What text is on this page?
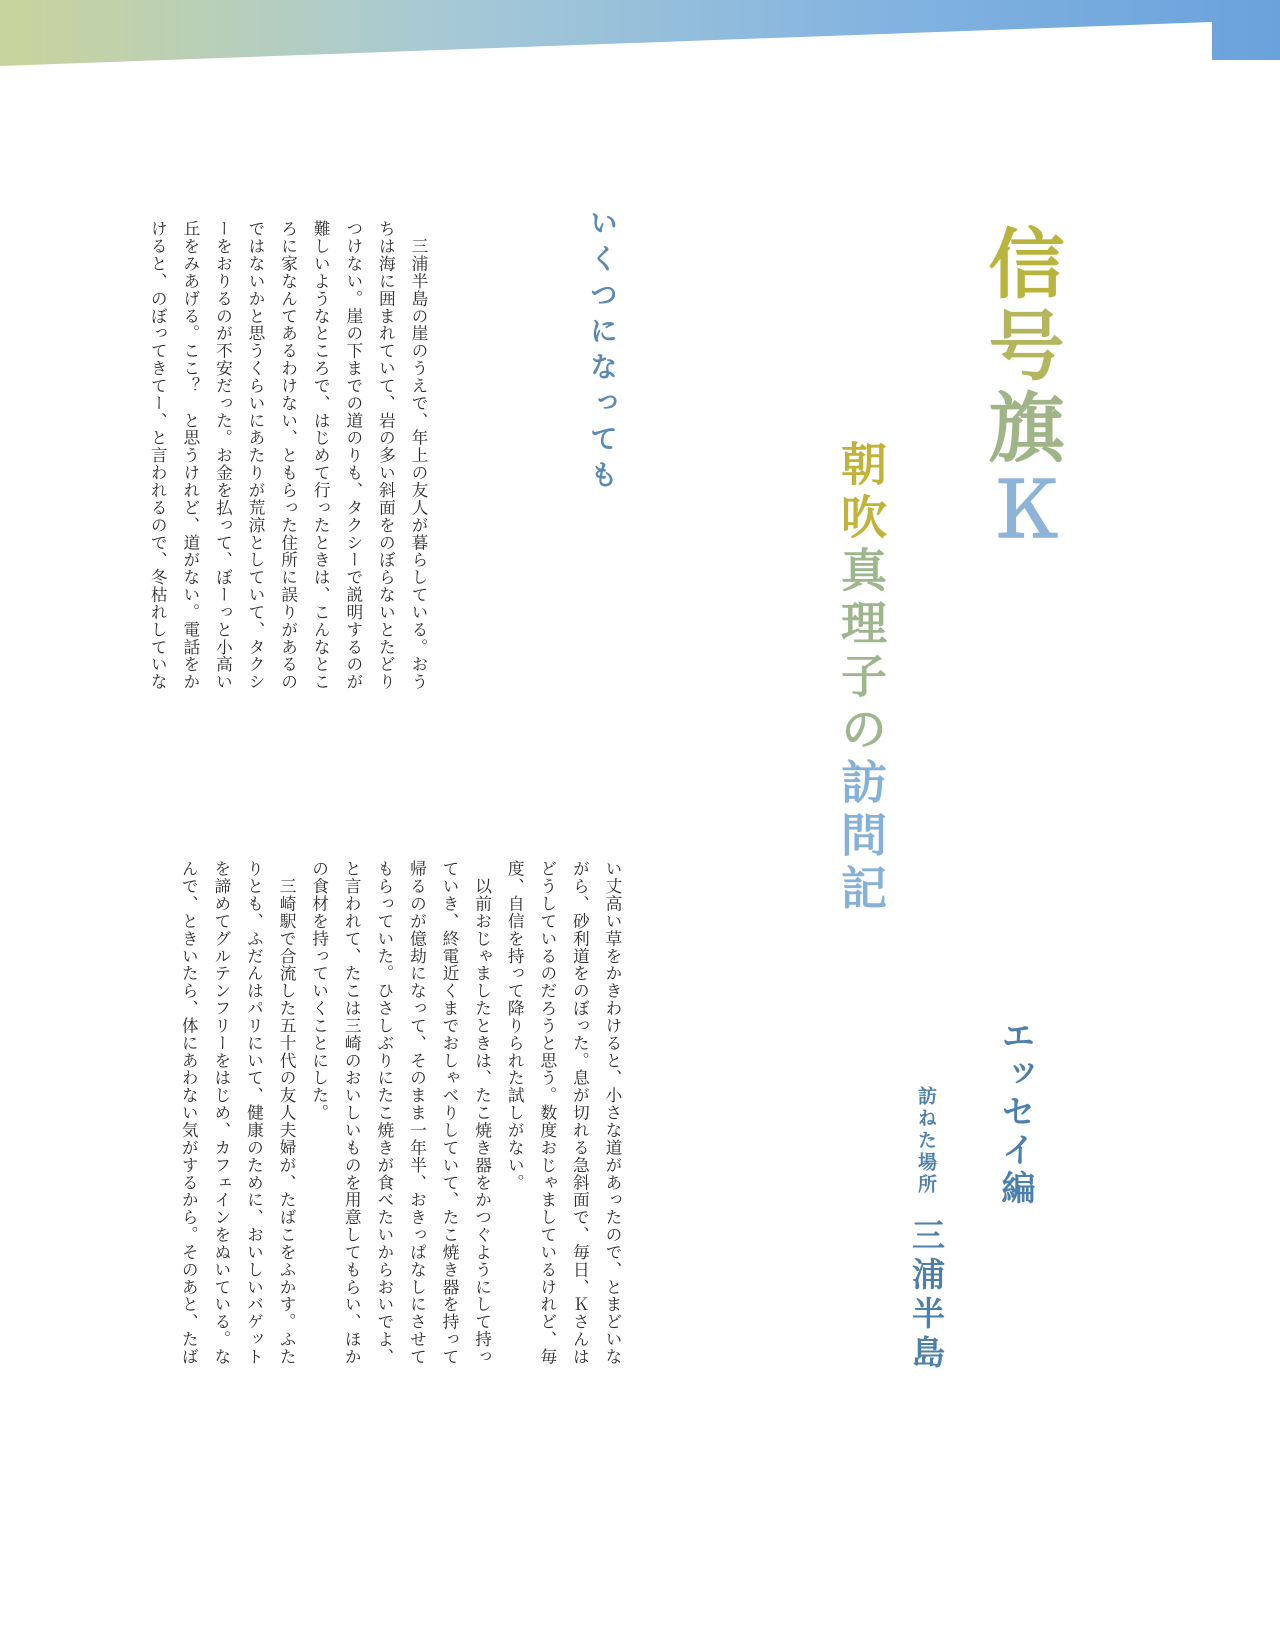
信号旗Ｋ
朝吹真理子の訪問記
エッセイ編
訪ねた場所
三浦半島
いくつになっても

　三浦半島の崖のうえで、年上の友人が暮らしている。おう
ちは海に囲まれていて、岩の多い斜面をのぼらないとたどり
つけない。崖の下までの道のりも、タクシーで説明するのが
難しいようなところで、はじめて行ったときは、こんなとこ
ろに家なんてあるわけない、ともらった住所に誤りがあるの
ではないかと思うくらいにあたりが荒涼としていて、タクシ
ーをおりるのが不安だった。お金を払って、ぼーっと小高い
丘をみあげる。ここ？　と思うけれど、道がない。電話をか
けると、のぼってきてー、と言われるので、冬枯れしていな

い丈高い草をかきわけると、小さな道があったので、とまどいな
がら、砂利道をのぼった。息が切れる急斜面で、毎日、Ｋさんは
どうしているのだろうと思う。数度おじゃましているけれど、毎
度、自信を持って降りられた試しがない。
　以前おじゃましたときは、たこ焼き器をかつぐようにして持っ
ていき、終電近くまでおしゃべりしていて、たこ焼き器を持って
帰るのが億劫になって、そのまま一年半、おきっぱなしにさせて
もらっていた。ひさしぶりにたこ焼きが食べたいからおいでよ、
と言われて、たこは三崎のおいしいものを用意してもらい、ほか
の食材を持っていくことにした。
　三崎駅で合流した五十代の友人夫婦が、たばこをふかす。ふた
りとも、ふだんはパリにいて、健康のために、おいしいバゲット
を諦めてグルテンフリーをはじめ、カフェインをぬいている。な
んで、ときいたら、体にあわない気がするから。そのあと、たば
